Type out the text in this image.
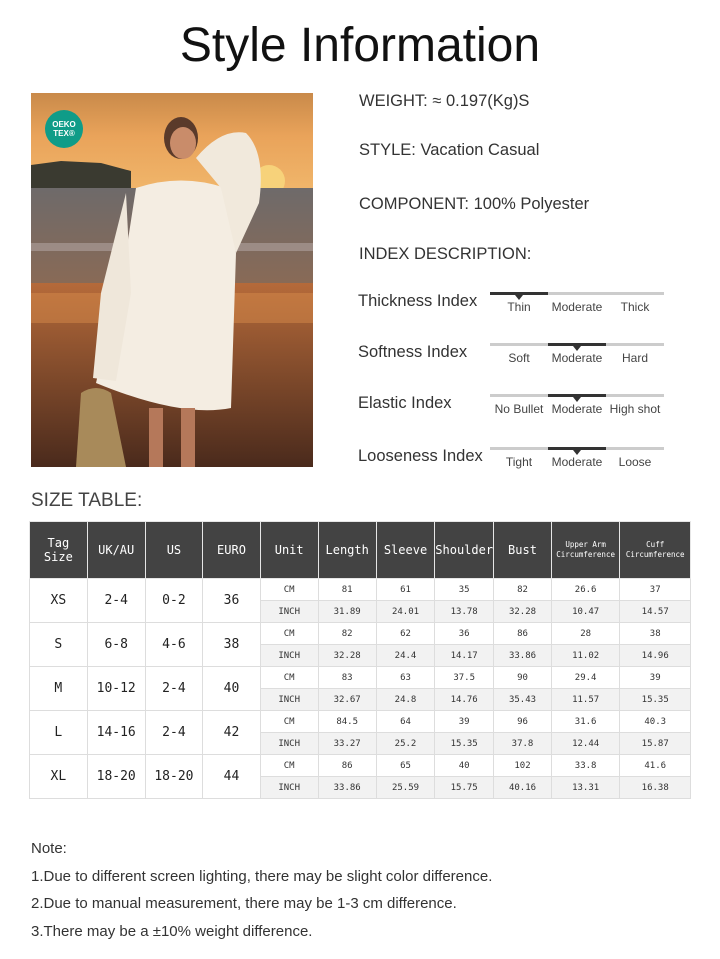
Style Information
OEKO
TEX®
WEIGHT: ≈ 0.197(Kg)S
STYLE: Vacation Casual
COMPONENT: 100% Polyester
INDEX DESCRIPTION:
Thickness Index	Thin	Moderate	Thick
Softness Index	Soft	Moderate	Hard
Elastic Index	No Bullet Moderate High shot
Looseness Index	Tight	Moderate	Loose
SIZE TABLE:
Tag Size	UK/AU	US	EURO	Unit	Length	Sleeve	Shoulder	Bust	Upper Arm Circumference	Cuff Circumference
XS	2-4	0-2	36	CM	81	61	35	82	26.6	37
				INCH	31.89	24.01	13.78	32.28	10.47	14.57
S	6-8	4-6	38	CM	82	62	36	86	28	38
				INCH	32.28	24.4	14.17	33.86	11.02	14.96
M	10-12	2-4	40	CM	83	63	37.5	90	29.4	39
				INCH	32.67	24.8	14.76	35.43	11.57	15.35
L	14-16	2-4	42	CM	84.5	64	39	96	31.6	40.3
				INCH	33.27	25.2	15.35	37.8	12.44	15.87
XL	18-20	18-20	44	CM	86	65	40	102	33.8	41.6
				INCH	33.86	25.59	15.75	40.16	13.31	16.38
Note:
1.Due to different screen lighting, there may be slight color difference.
2.Due to manual measurement, there may be 1-3 cm difference.
3.There may be a ±10% weight difference.
